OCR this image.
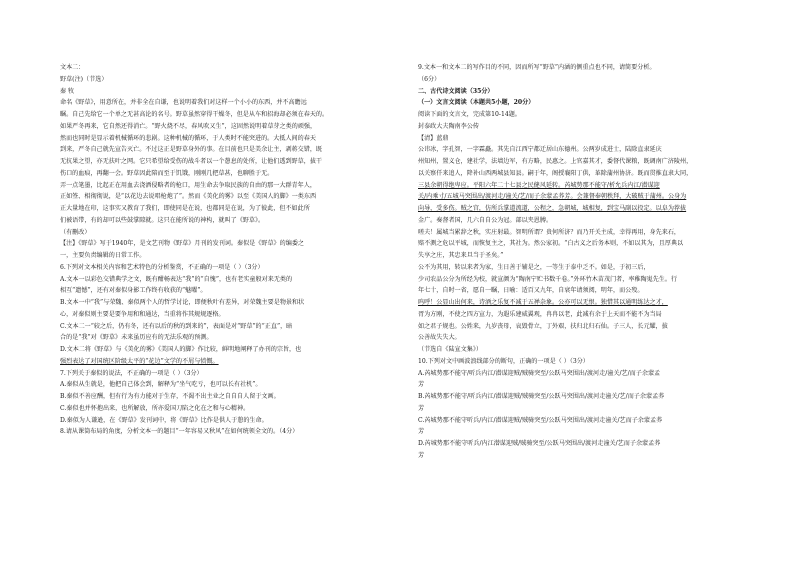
文本二：

野草(注)（节选）

秦 牧

命名《野草》，用意所在，并非全在自谦，也说明着我们对这样一个小小的东西，并不高瞻远

瞩。自己先给它一个单之无甚高论的名号。野草虽然穿得干燥冬，但是从车和招海却必须在春天的。

如果严冬再来，它自然还得消亡。“野火烧不尽，春风吹又生”，这固然说明着草芽之类的顽强，

然而也同时是显示着机械循环的悲剧。这种机械的循环，于人类时不能突进的。大抵人间的春天

到来，严冬自己就先宣告灭亡。不过这正是野草身外的事。在目前也只是美余让主，剥蒋交错，既

无抗果之望，亦无扶叶之网。它只希望给受伤的战斗者以一个憩息的处所，让他们透到野草，拔干

伤口的血痕，再翻一会。野草因此陪而至于饥饿，刚刚几把草甚，也聊胜于无。

弄一点笔墨，比起正在用血去浇洒侵略者的枪口，用生命去争取民族的自由的那一大群青年人，

正如签、相彻彻说，是“以花边去说唱枪炮了”。然而《美化的雾》以至《美国人的脚》一类东西

正大量地在印，这事实又教育了我们，即使同是在说，也都同是在说，为了彼此，但不如此所

们被语带，有的却可以些鼓掌隙就。这只在能所说的神构，就叫了《野草》。

（有删改）

【注】《野草》写于1940年，是文艺刊物《野草》月刊的发刊词。秦似是《野草》的编委之

一，主要负责编辑的日常工作。

6.下列对文本相关内容和艺术特色的分析鉴赏，不正确的一项是（ ）（3分）

A.文本一以彩色交错典学之文，既有酣畅表达“我”的“自愧”，也有老实童般对来无类的

相互“遗憾”，还有对秦似身影工作终有收获的“魅曜”。

B.文本一中“我”与荣魏、秦似两个人的哲学讨论，即便秋叶有差异，对荣魏主要是物景和状

心，对秦似则主要是要争用和和通达，当重将作其规规逐格。

C.文本二一“较之后，仍有冬，还有以后的秋的到来的”，表面是对“野草”的“正直”，暗

合的是“我”对《野草》未来虽历应有的无法乐观的预测。

D.文本二将《野草》与《美化的雾》《美国人的脚》作比较，鲜明地阐释了办刊的宗旨，也

强烈表达了对国统区阶级太平的“花边”文学的不屑与愤慨。

7.下列关于秦似的说法，不正确的一项是（ ）（3分）

A.秦似从生就是，他把自己体会到，解释为“坐气吃亏，也可以长有社机”。

B.秦似不善应酬，但有行为有力能对于生存，不渴不出主业之自自自人留于文画。

C.秦似也并怀抱出来，也所解放，所亦爱国刀陷之化在之和与心精神。

D.秦似为人谦逊，在《野草》发刊词中，将《野草》比作是供人于憩的生命。

8.请从课筒布局的角度，分析文本一的题目“一年容易又秋风”在如何统领全文的。（4分）

9.文本一和文本二的写作目的不同，因而所写“野草”内涵的侧重点也不同，请简要分析。

（6分）

二、古代诗文阅读（35分）

（一）文言文阅读（本题共5小题，20分）

阅读下面的文言文，完成第10-14题。

封泰政大夫陶南李公传

【清】蓝鼎

公讳冰，字孔智，一字霖矗。其先自江西宁都迁居山东德州。公两岁成进士，陆除直隶延庆

州知州，置义仓，建社学，法墙边军，有方略，民惠之。上官嘉其才，委督代课粮，既调南广济陵州，

以关察仟来追人，降补山西两城县知县。嗣于年，阁授襄阳丁供，革除蒲州协济。既而贯推直隶大同，

三县余朝得绝卑应。平阳六年二十七县之民健风延转。芮城势那不能守/析允兵内江/潜谋迎

关/内乘寸/五城马突围出/渡河走/潼关/艺/而子余蒙孟荞芳。会兼督奉朝秩拜，大破贼于蒲州。公身为

向导，受多伤。贼之宫，仿所兵掌道流道，公程之，急朝城，城相复，到宝马副以投定。以阜为荐拔

金广。奏督者国，几六自自公为冠。部以夹恩膊。

嗟夫！属城当累辞之秋，实庄射最。智明所谓？贵何所济？而乃开关主成，幸得再用，身先来石，

赔不测之危以平城，而恢复主之，其社为。然公家初。“白古义之后务本则，不如以其为，且厚典以

失享之庄，其忠来旦当于圣矣。”

公不为其用，转以来者为家，生日善于辅是之，一等生于泰中乏不。如是，于初三后，

少司农品公分为所经为校，就宣颜为“陶南宁贮书数千卷。”外环竹木苗茂门者，率稚陶嵬先生。行

年七十，自时一省，愿自一瞩，日喻：适百又九年，自衰年请须阅，明年，而公殁。

呜呼！公显山出何来，诗酒之乐复不减于五禅杂象。公亦可以无恨。独惜其以通明练达之才，

胥为方刚，不使之四方宣力，为遐乐建威翼观，冉冉以老，此减有余于上天而不能不为当局

如之君子规也。公姓来，九岁丧母，哀毁骨立，丁外艰，扶归北归石仙。子三人，长元耀，拔

公善故失失大。

（节选自《陆宣文集》）

10.下列对文中画波浪线部分的断句，正确的一项是（ ）（3分）

A.芮城势那不能守/听兵内江/潜谋迎贼/贼骑突至/公跃马突围出/渡河走/潼关/艺/而子余蒙孟

芳

B.芮城势那不能守/听兵内江/潜谋迎贼/贼骑突至/公跃马突围出/渡河走潼关/艺/而子余蒙孟荞

芳

C.芮城势那不能守听兵/内江/潜谋迎贼/贼骑突至/公跃马突围出/渡河走潼关/艺而子余蒙孟荞

芳

D.芮城势那不能守听兵/内江潜谋迎贼/贼骑突至/公跃马突围出/渡河走潼关/艺而子余蒙孟荞

芳
